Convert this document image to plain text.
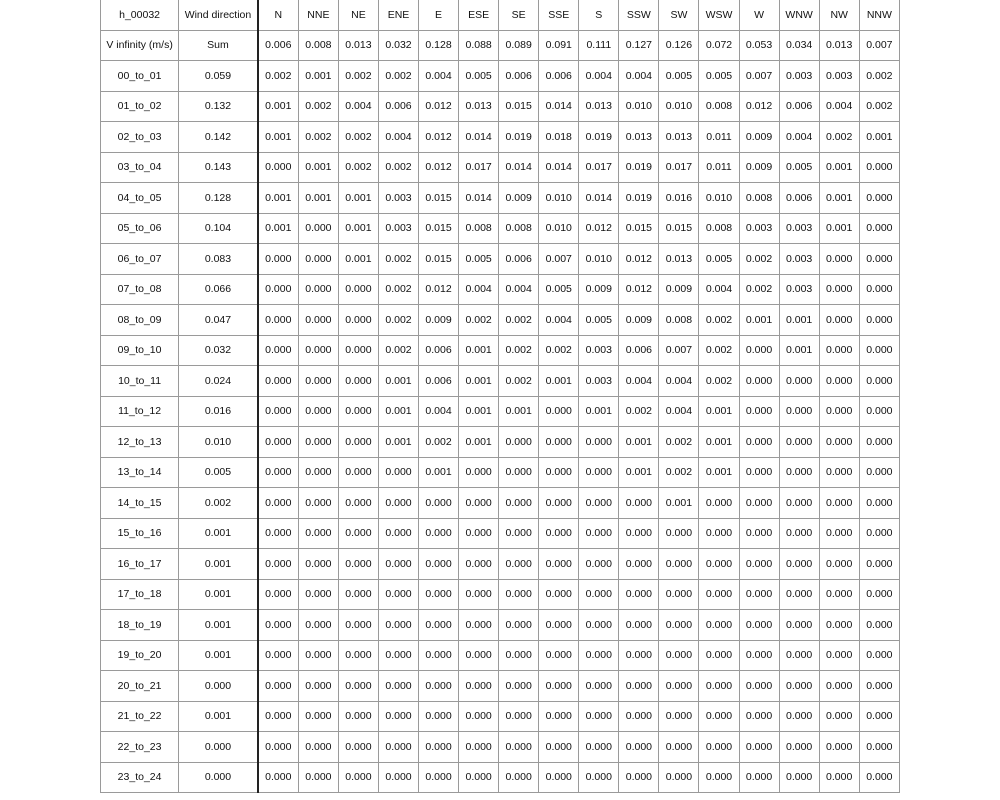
h_00032	Wind direction	N	NNE	NE	ENE	E	ESE	SE	SSE	S	SSW	SW	WSW	W	WNW	NW	NNW
V infinity (m/s)	Sum	0.006	0.008	0.013	0.032	0.128	0.088	0.089	0.091	0.111	0.127	0.126	0.072	0.053	0.034	0.013	0.007
00_to_01	0.059	0.002	0.001	0.002	0.002	0.004	0.005	0.006	0.006	0.004	0.004	0.005	0.005	0.007	0.003	0.003	0.002
01_to_02	0.132	0.001	0.002	0.004	0.006	0.012	0.013	0.015	0.014	0.013	0.010	0.010	0.008	0.012	0.006	0.004	0.002
02_to_03	0.142	0.001	0.002	0.002	0.004	0.012	0.014	0.019	0.018	0.019	0.013	0.013	0.011	0.009	0.004	0.002	0.001
03_to_04	0.143	0.000	0.001	0.002	0.002	0.012	0.017	0.014	0.014	0.017	0.019	0.017	0.011	0.009	0.005	0.001	0.000
04_to_05	0.128	0.001	0.001	0.001	0.003	0.015	0.014	0.009	0.010	0.014	0.019	0.016	0.010	0.008	0.006	0.001	0.000
05_to_06	0.104	0.001	0.000	0.001	0.003	0.015	0.008	0.008	0.010	0.012	0.015	0.015	0.008	0.003	0.003	0.001	0.000
06_to_07	0.083	0.000	0.000	0.001	0.002	0.015	0.005	0.006	0.007	0.010	0.012	0.013	0.005	0.002	0.003	0.000	0.000
07_to_08	0.066	0.000	0.000	0.000	0.002	0.012	0.004	0.004	0.005	0.009	0.012	0.009	0.004	0.002	0.003	0.000	0.000
08_to_09	0.047	0.000	0.000	0.000	0.002	0.009	0.002	0.002	0.004	0.005	0.009	0.008	0.002	0.001	0.001	0.000	0.000
09_to_10	0.032	0.000	0.000	0.000	0.002	0.006	0.001	0.002	0.002	0.003	0.006	0.007	0.002	0.000	0.001	0.000	0.000
10_to_11	0.024	0.000	0.000	0.000	0.001	0.006	0.001	0.002	0.001	0.003	0.004	0.004	0.002	0.000	0.000	0.000	0.000
11_to_12	0.016	0.000	0.000	0.000	0.001	0.004	0.001	0.001	0.000	0.001	0.002	0.004	0.001	0.000	0.000	0.000	0.000
12_to_13	0.010	0.000	0.000	0.000	0.001	0.002	0.001	0.000	0.000	0.000	0.001	0.002	0.001	0.000	0.000	0.000	0.000
13_to_14	0.005	0.000	0.000	0.000	0.000	0.001	0.000	0.000	0.000	0.000	0.001	0.002	0.001	0.000	0.000	0.000	0.000
14_to_15	0.002	0.000	0.000	0.000	0.000	0.000	0.000	0.000	0.000	0.000	0.000	0.001	0.000	0.000	0.000	0.000	0.000
15_to_16	0.001	0.000	0.000	0.000	0.000	0.000	0.000	0.000	0.000	0.000	0.000	0.000	0.000	0.000	0.000	0.000	0.000
16_to_17	0.001	0.000	0.000	0.000	0.000	0.000	0.000	0.000	0.000	0.000	0.000	0.000	0.000	0.000	0.000	0.000	0.000
17_to_18	0.001	0.000	0.000	0.000	0.000	0.000	0.000	0.000	0.000	0.000	0.000	0.000	0.000	0.000	0.000	0.000	0.000
18_to_19	0.001	0.000	0.000	0.000	0.000	0.000	0.000	0.000	0.000	0.000	0.000	0.000	0.000	0.000	0.000	0.000	0.000
19_to_20	0.001	0.000	0.000	0.000	0.000	0.000	0.000	0.000	0.000	0.000	0.000	0.000	0.000	0.000	0.000	0.000	0.000
20_to_21	0.000	0.000	0.000	0.000	0.000	0.000	0.000	0.000	0.000	0.000	0.000	0.000	0.000	0.000	0.000	0.000	0.000
21_to_22	0.001	0.000	0.000	0.000	0.000	0.000	0.000	0.000	0.000	0.000	0.000	0.000	0.000	0.000	0.000	0.000	0.000
22_to_23	0.000	0.000	0.000	0.000	0.000	0.000	0.000	0.000	0.000	0.000	0.000	0.000	0.000	0.000	0.000	0.000	0.000
23_to_24	0.000	0.000	0.000	0.000	0.000	0.000	0.000	0.000	0.000	0.000	0.000	0.000	0.000	0.000	0.000	0.000	0.000
